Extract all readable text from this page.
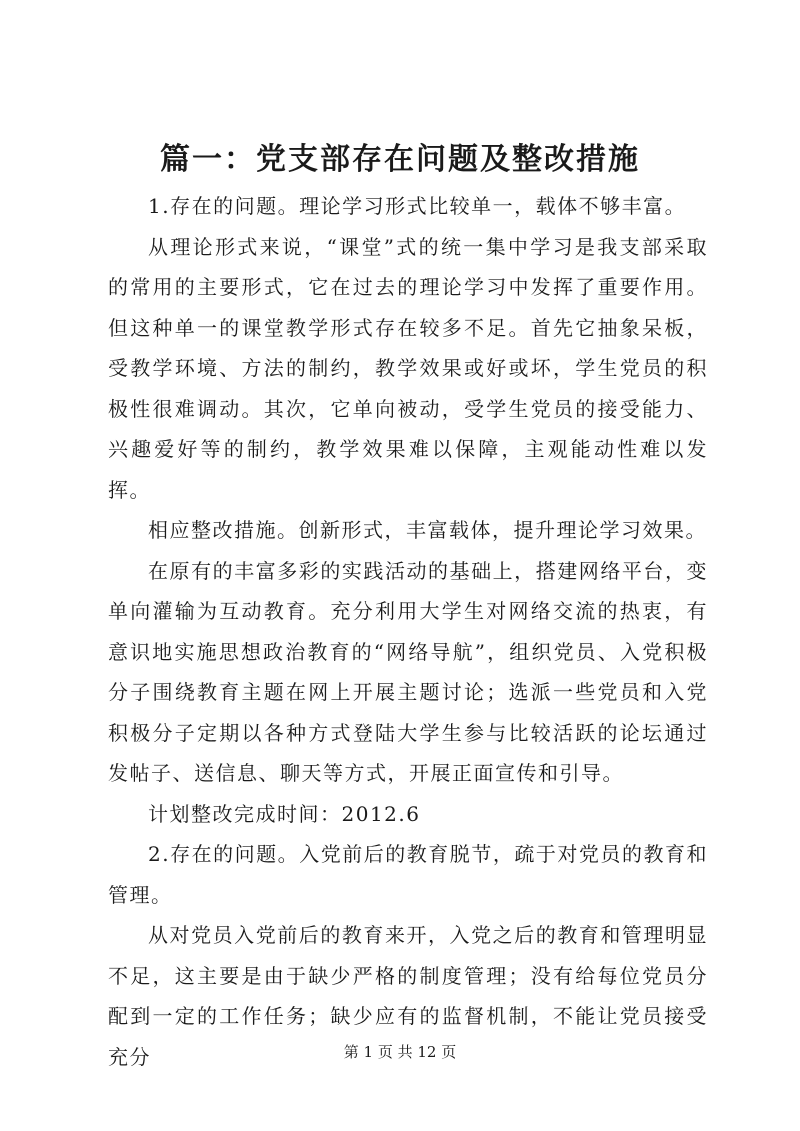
篇一：党支部存在问题及整改措施

1.存在的问题。理论学习形式比较单一，载体不够丰富。

从理论形式来说，“课堂”式的统一集中学习是我支部采取的常用的主要形式，它在过去的理论学习中发挥了重要作用。但这种单一的课堂教学形式存在较多不足。首先它抽象呆板，受教学环境、方法的制约，教学效果或好或坏，学生党员的积极性很难调动。其次，它单向被动，受学生党员的接受能力、兴趣爱好等的制约，教学效果难以保障，主观能动性难以发挥。

相应整改措施。创新形式，丰富载体，提升理论学习效果。

在原有的丰富多彩的实践活动的基础上，搭建网络平台，变单向灌输为互动教育。充分利用大学生对网络交流的热衷，有意识地实施思想政治教育的“网络导航”，组织党员、入党积极分子围绕教育主题在网上开展主题讨论；选派一些党员和入党积极分子定期以各种方式登陆大学生参与比较活跃的论坛通过发帖子、送信息、聊天等方式，开展正面宣传和引导。

计划整改完成时间：2012.6

2.存在的问题。入党前后的教育脱节，疏于对党员的教育和管理。

从对党员入党前后的教育来开，入党之后的教育和管理明显不足，这主要是由于缺少严格的制度管理；没有给每位党员分配到一定的工作任务；缺少应有的监督机制，不能让党员接受充分	第 1 页 共 12 页
